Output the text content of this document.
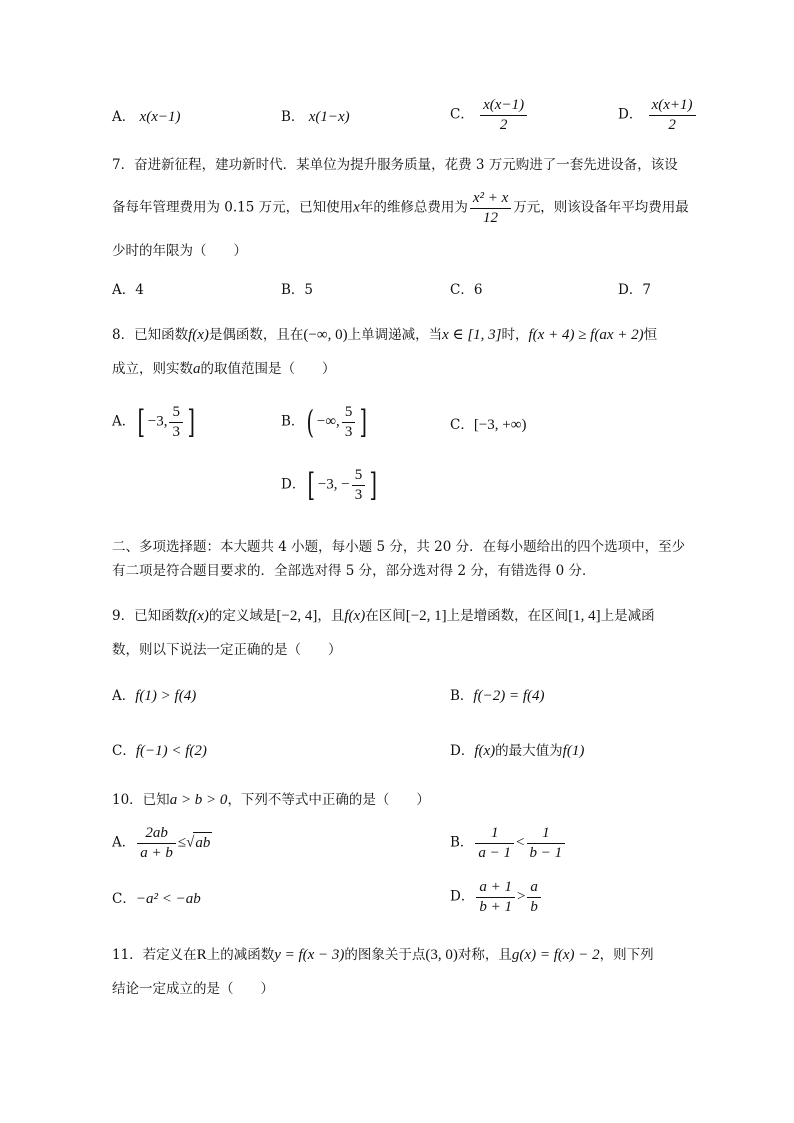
A． x(x−1)	B． x(1−x)	C． $\frac{x(x-1)}{2}$	D． $\frac{x(x+1)}{2}$
7．奋进新征程，建功新时代．某单位为提升服务质量，花费 3 万元购进了一套先进设备，该设
备每年管理费用为 0.15 万元，已知使用x年的维修总费用为 $\frac{\text{x² + x}}{12}$ 万元，则该设备年平均费用最
少时的年限为（　　）
A．4	B．5	C．6	D．7
8．已知函数f(x)是偶函数，且在(−∞, 0)上单调递减，当x ∈ [1, 3]时，f(x + 4) ≥ f(ax + 2)恒
成立，则实数a的取值范围是（　　）
A．[ −3, $\frac{5}{3}$ ]	B．( −∞, $\frac{5}{3}$ ]	C．[−3, +∞)
D．[ −3, − $\frac{5}{3}$ ]
二、多项选择题：本大题共 4 小题，每小题 5 分，共 20 分．在每小题给出的四个选项中，至少
有二项是符合题目要求的．全部选对得 5 分，部分选对得 2 分，有错选得 0 分．
9．已知函数f(x)的定义域是[−2, 4]，且f(x)在区间[−2, 1]上是增函数，在区间[1, 4]上是减函
数，则以下说法一定正确的是（　　）
A．f(1) > f(4)	B．f(−2) = f(4)
C．f(−1) < f(2)	D．f(x)的最大值为f(1)
10．已知a > b > 0，下列不等式中正确的是（　　）
A． $\frac{2ab}{a + b} \le√ab$	B． $\frac{1}{a - 1} < \frac{1}{b - 1}$
C．−a² < −ab	D． $\frac{a + 1}{b + 1} > \frac{a}{b}$
11．若定义在R上的减函数y = f(x − 3)的图象关于点(3, 0)对称，且g(x) = f(x) − 2，则下列
结论一定成立的是（　　）
